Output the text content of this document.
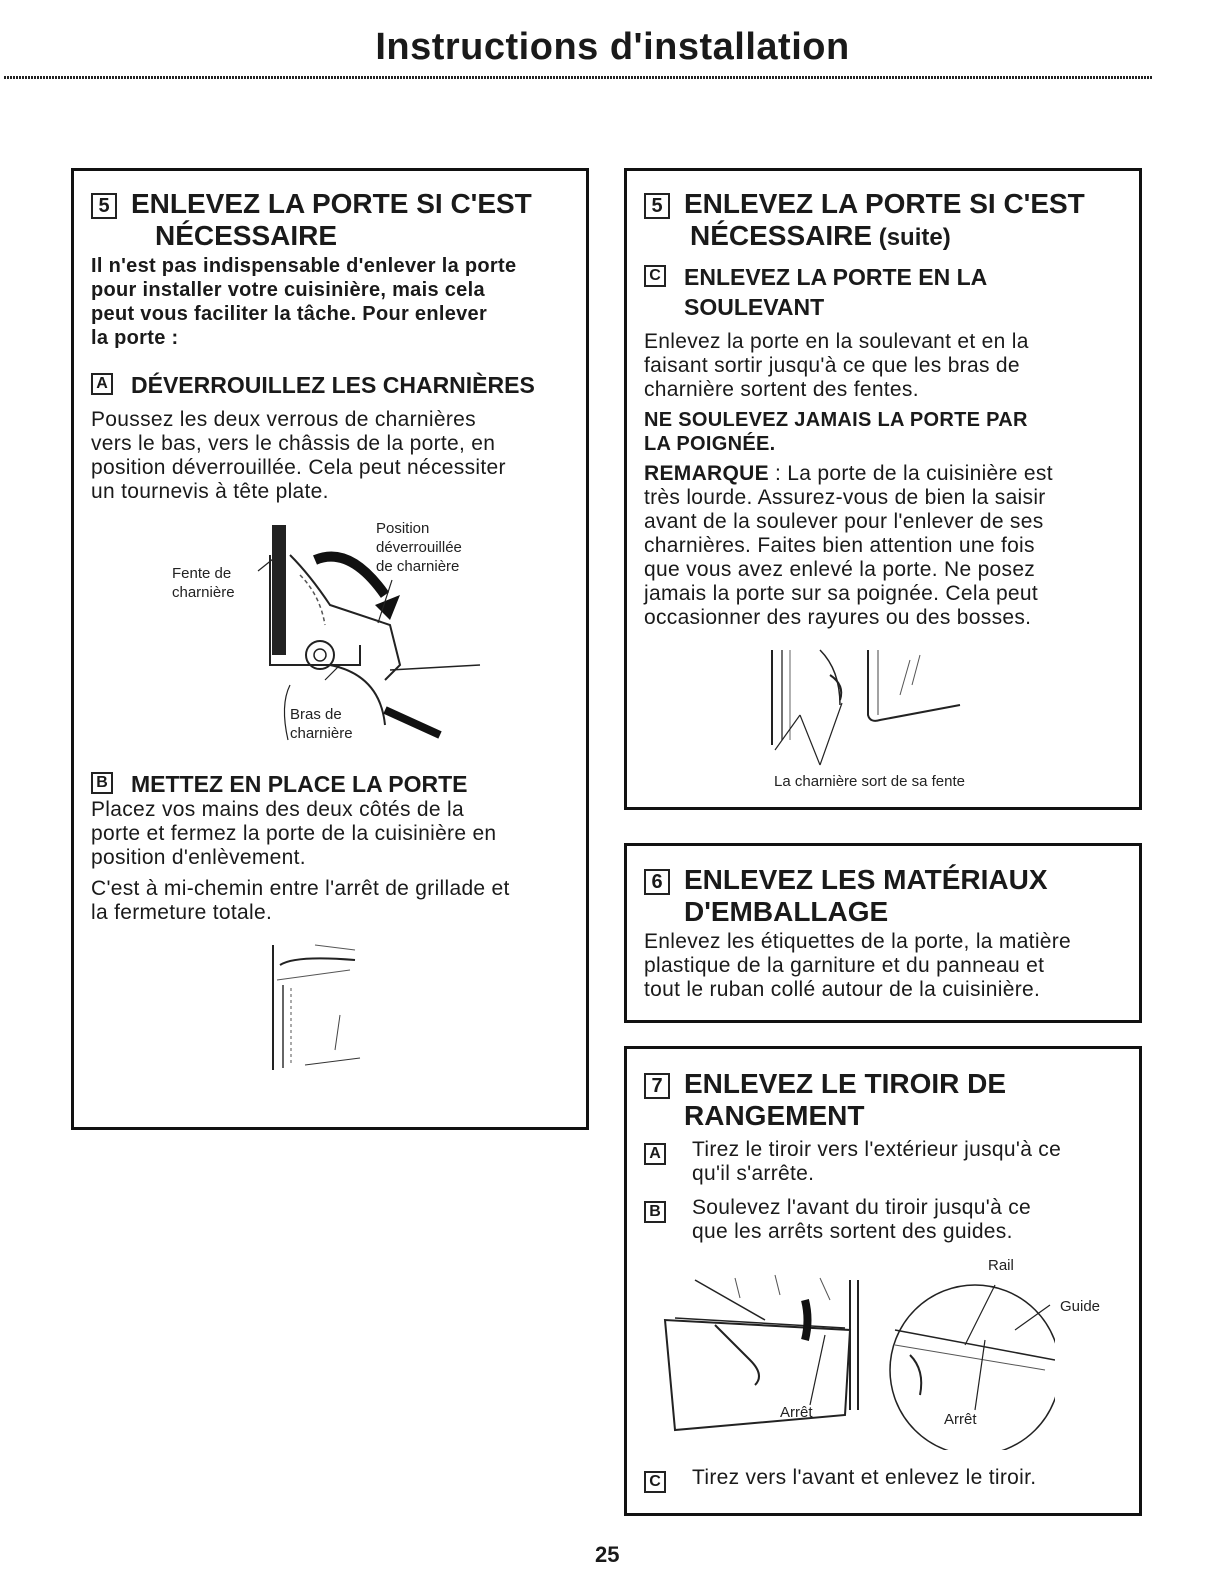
Instructions d'installation
5 ENLEVEZ LA PORTE SI C'EST
NÉCESSAIRE
Il n'est pas indispensable d'enlever la porte
pour installer votre cuisinière, mais cela
peut vous faciliter la tâche. Pour enlever
la porte :
A DÉVERROUILLEZ LES CHARNIÈRES
Poussez les deux verrous de charnières
vers le bas, vers le châssis de la porte, en
position déverrouillée. Cela peut nécessiter
un tournevis à tête plate.
Fente de
charnière
Position
déverrouillée
de charnière
Bras de
charnière
B METTEZ EN PLACE LA PORTE
Placez vos mains des deux côtés de la
porte et fermez la porte de la cuisinière en
position d'enlèvement.
C'est à mi-chemin entre l'arrêt de grillade et
la fermeture totale.
5 ENLEVEZ LA PORTE SI C'EST
NÉCESSAIRE (suite)
C ENLEVEZ LA PORTE EN LA
SOULEVANT
Enlevez la porte en la soulevant et en la
faisant sortir jusqu'à ce que les bras de
charnière sortent des fentes.
NE SOULEVEZ JAMAIS LA PORTE PAR
LA POIGNÉE.
REMARQUE : La porte de la cuisinière est
très lourde. Assurez-vous de bien la saisir
avant de la soulever pour l'enlever de ses
charnières. Faites bien attention une fois
que vous avez enlevé la porte. Ne posez
jamais la porte sur sa poignée. Cela peut
occasionner des rayures ou des bosses.
La charnière sort de sa fente
6 ENLEVEZ LES MATÉRIAUX
D'EMBALLAGE
Enlevez les étiquettes de la porte, la matière
plastique de la garniture et du panneau et
tout le ruban collé autour de la cuisinière.
7 ENLEVEZ LE TIROIR DE
RANGEMENT
A Tirez le tiroir vers l'extérieur jusqu'à ce
qu'il s'arrête.
B Soulevez l'avant du tiroir jusqu'à ce
que les arrêts sortent des guides.
Rail
Guide
Arrêt	Arrêt
C Tirez vers l'avant et enlevez le tiroir.
25
